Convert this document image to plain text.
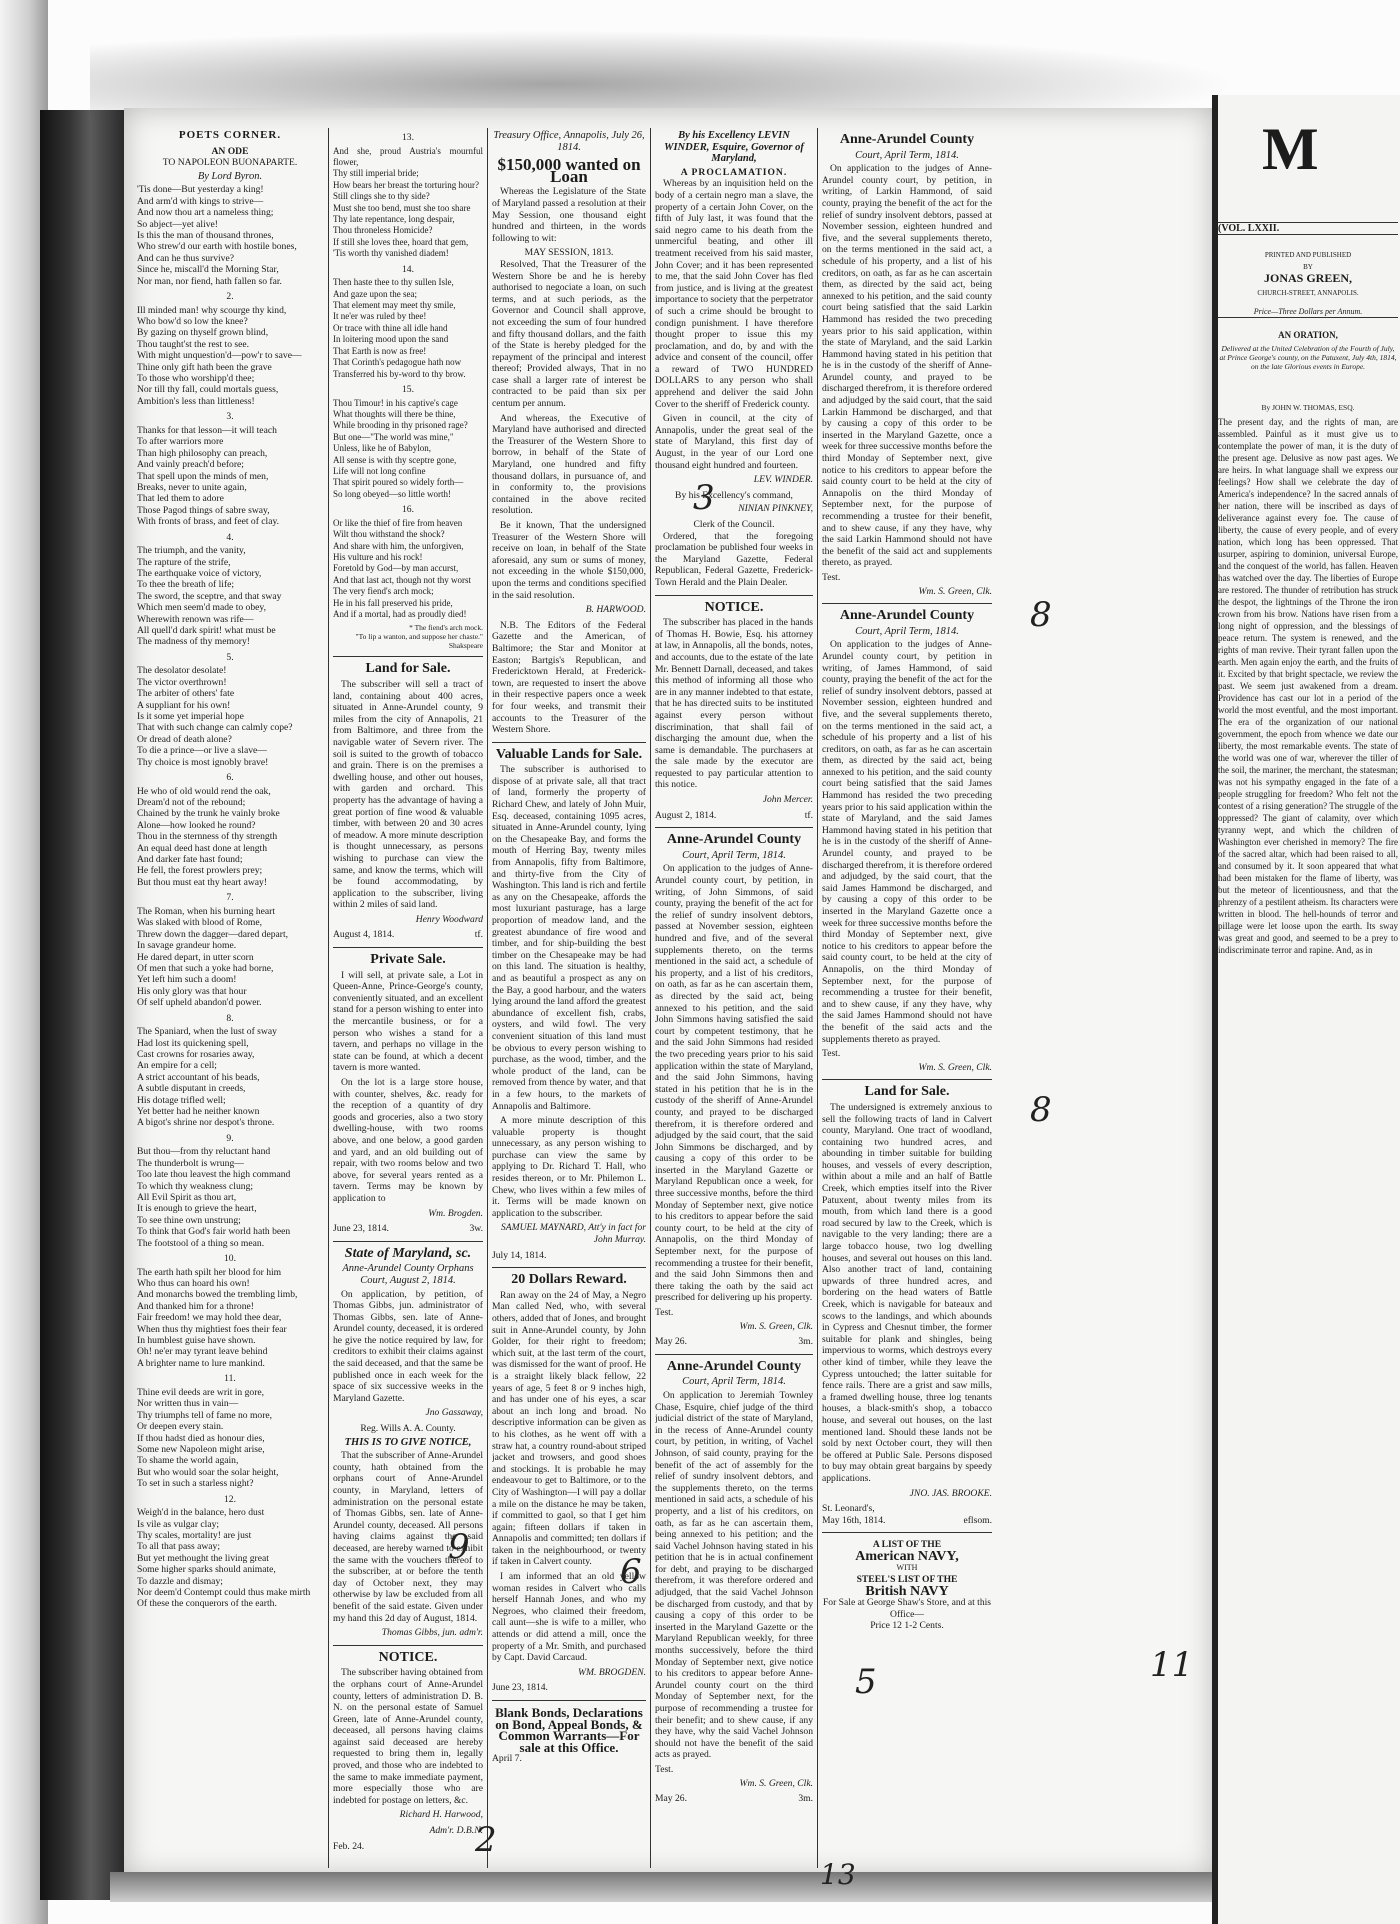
POETS CORNER.
AN ODE
TO NAPOLEON BUONAPARTE.
By Lord Byron.
'Tis done—But yesterday a king!
And arm'd with kings to strive—
And now thou art a nameless thing;
So abject—yet alive!
Is this the man of thousand thrones,
Who strew'd our earth with hostile bones,
And can he thus survive?
Since he, miscall'd the Morning Star,
Nor man, nor fiend, hath fallen so far.
2.
Ill minded man! why scourge thy kind,
Who bow'd so low the knee?
By gazing on thyself grown blind,
Thou taught'st the rest to see.
With might unquestion'd—pow'r to save—
Thine only gift hath been the grave
To those who worshipp'd thee;
Nor till thy fall, could mortals guess,
Ambition's less than littleness!
3.
Thanks for that lesson—it will teach
To after warriors more
Than high philosophy can preach,
And vainly preach'd before;
That spell upon the minds of men,
Breaks, never to unite again,
That led them to adore
Those Pagod things of sabre sway,
With fronts of brass, and feet of clay.
4.
The triumph, and the vanity,
The rapture of the strife,
The earthquake voice of victory,
To thee the breath of life;
The sword, the sceptre, and that sway
Which men seem'd made to obey,
Wherewith renown was rife—
All quell'd dark spirit! what must be
The madness of thy memory!
5.
The desolator desolate!
The victor overthrown!
The arbiter of others' fate
A suppliant for his own!
Is it some yet imperial hope
That with such change can calmly cope?
Or dread of death alone?
To die a prince—or live a slave—
Thy choice is most ignobly brave!
6.
He who of old would rend the oak,
Dream'd not of the rebound;
Chained by the trunk he vainly broke
Alone—how looked he round?
Thou in the sternness of thy strength
An equal deed hast done at length
And darker fate hast found;
He fell, the forest prowlers prey;
But thou must eat thy heart away!
7.
The Roman, when his burning heart
Was slaked with blood of Rome,
Threw down the dagger—dared depart,
In savage grandeur home.
He dared depart, in utter scorn
Of men that such a yoke had borne,
Yet left him such a doom!
His only glory was that hour
Of self upheld abandon'd power.
8.
The Spaniard, when the lust of sway
Had lost its quickening spell,
Cast crowns for rosaries away,
An empire for a cell;
A strict accountant of his beads,
A subtle disputant in creeds,
His dotage trifled well;
Yet better had he neither known
A bigot's shrine nor despot's throne.
9.
But thou—from thy reluctant hand
The thunderbolt is wrung—
Too late thou leavest the high command
To which thy weakness clung;
All Evil Spirit as thou art,
It is enough to grieve the heart,
To see thine own unstrung;
To think that God's fair world hath been
The footstool of a thing so mean.
10.
The earth hath spilt her blood for him
Who thus can hoard his own!
And monarchs bowed the trembling limb,
And thanked him for a throne!
Fair freedom! we may hold thee dear,
When thus thy mightiest foes their fear
In humblest guise have shown.
Oh! ne'er may tyrant leave behind
A brighter name to lure mankind.
11.
Thine evil deeds are writ in gore,
Nor written thus in vain—
Thy triumphs tell of fame no more,
Or deepen every stain.
If thou hadst died as honour dies,
Some new Napoleon might arise,
To shame the world again,
But who would soar the solar height,
To set in such a starless night?
12.
Weigh'd in the balance, hero dust
Is vile as vulgar clay;
Thy scales, mortality! are just
To all that pass away;
But yet methought the living great
Some higher sparks should animate,
To dazzle and dismay;
Nor deem'd Contempt could thus make mirth
Of these the conquerors of the earth.
13.
And she, proud Austria's mournful flower,
Thy still imperial bride;
How bears her breast the torturing hour?
Still clings she to thy side?
Must she too bend, must she too share
Thy late repentance, long despair,
Thou throneless Homicide?
If still she loves thee, hoard that gem,
'Tis worth thy vanished diadem!
14.
Then haste thee to thy sullen Isle,
And gaze upon the sea;
That element may meet thy smile,
It ne'er was ruled by thee!
Or trace with thine all idle hand
In loitering mood upon the sand
That Earth is now as free!
That Corinth's pedagogue hath now
Transferred his by-word to thy brow.
15.
Thou Timour! in his captive's cage
What thoughts will there be thine,
While brooding in thy prisoned rage?
But one—"The world was mine,"
Unless, like he of Babylon,
All sense is with thy sceptre gone,
Life will not long confine
That spirit poured so widely forth—
So long obeyed—so little worth!
16.
Or like the thief of fire from heaven
Wilt thou withstand the shock?
And share with him, the unforgiven,
His vulture and his rock!
Foretold by God—by man accurst,
And that last act, though not thy worst
The very fiend's arch mock;
He in his fall preserved his pride,
And if a mortal, had as proudly died!
* The fiend's arch mock.
"To lip a wanton, and suppose her chaste."
Shakspeare
Land for Sale.

The subscriber will sell a tract of land, containing about 400 acres, situated in Anne-Arundel county, 9 miles from the city of Annapolis, 21 from Baltimore, and three from the navigable water of Severn river. The soil is suited to the growth of tobacco and grain. There is on the premises a dwelling house, and other out houses, with garden and orchard. This property has the advantage of having a great portion of fine wood & valuable timber, with between 20 and 30 acres of meadow. A more minute description is thought unnecessary, as persons wishing to purchase can view the same, and know the terms, which will be found accommodating, by application to the subscriber, living within 2 miles of said land.

Henry Woodward
August 4, 1814.	tf.
Private Sale.

I will sell, at private sale, a Lot in Queen-Anne, Prince-George's county, conveniently situated, and an excellent stand for a person wishing to enter into the mercantile business, or for a person who wishes a stand for a tavern, and perhaps no village in the state can be found, at which a decent tavern is more wanted.

On the lot is a large store house, with counter, shelves, &c. ready for the reception of a quantity of dry goods and groceries, also a two story dwelling-house, with two rooms above, and one below, a good garden and yard, and an old building out of repair, with two rooms below and two above, for several years rented as a tavern. Terms may be known by application to

Wm. Brogden.
June 23, 1814.	3w.
State of Maryland, sc.
Anne-Arundel County Orphans Court, August 2, 1814.

On application, by petition, of Thomas Gibbs, jun. administrator of Thomas Gibbs, sen. late of Anne-Arundel county, deceased, it is ordered he give the notice required by law, for creditors to exhibit their claims against the said deceased, and that the same be published once in each week for the space of six successive weeks in the Maryland Gazette.

Jno Gassaway,
Reg. Wills A. A. County.
THIS IS TO GIVE NOTICE,

That the subscriber of Anne-Arundel county, hath obtained from the orphans court of Anne-Arundel county, in Maryland, letters of administration on the personal estate of Thomas Gibbs, sen. late of Anne-Arundel county, deceased. All persons having claims against the said deceased, are hereby warned to exhibit the same with the vouchers thereof to the subscriber, at or before the tenth day of October next, they may otherwise by law be excluded from all benefit of the said estate. Given under my hand this 2d day of August, 1814.

Thomas Gibbs, jun. adm'r.
NOTICE.

The subscriber having obtained from the orphans court of Anne-Arundel county, letters of administration D. B. N. on the personal estate of Samuel Green, late of Anne-Arundel county, deceased, all persons having claims against said deceased are hereby requested to bring them in, legally proved, and those who are indebted to the same to make immediate payment, more especially those who are indebted for postage on letters, &c.

Richard H. Harwood,
Adm'r. D.B.N.
Feb. 24.
Treasury Office, Annapolis, July 26, 1814.
$150,000 wanted on Loan

Whereas the Legislature of the State of Maryland passed a resolution at their May Session, one thousand eight hundred and thirteen, in the words following to wit:

MAY SESSION, 1813.

Resolved, That the Treasurer of the Western Shore be and he is hereby authorised to negociate a loan, on such terms, and at such periods, as the Governor and Council shall approve, not exceeding the sum of four hundred and fifty thousand dollars, and the faith of the State is hereby pledged for the repayment of the principal and interest thereof; Provided always, That in no case shall a larger rate of interest be contracted to be paid than six per centum per annum.

And whereas, the Executive of Maryland have authorised and directed the Treasurer of the Western Shore to borrow, in behalf of the State of Maryland, one hundred and fifty thousand dollars, in pursuance of, and in conformity to, the provisions contained in the above recited resolution.

Be it known, That the undersigned Treasurer of the Western Shore will receive on loan, in behalf of the State aforesaid, any sum or sums of money, not exceeding in the whole $150,000, upon the terms and conditions specified in the said resolution.

B. HARWOOD.

N.B. The Editors of the Federal Gazette and the American, of Baltimore; the Star and Monitor at Easton; Bartgis's Republican, and Fredericktown Herald, at Frederick-town, are requested to insert the above in their respective papers once a week for four weeks, and transmit their accounts to the Treasurer of the Western Shore.

Valuable Lands for Sale.

The subscriber is authorised to dispose of at private sale, all that tract of land, formerly the property of Richard Chew, and lately of John Muir, Esq. deceased, containing 1095 acres, situated in Anne-Arundel county, lying on the Chesapeake Bay, and forms the mouth of Herring Bay, twenty miles from Annapolis, fifty from Baltimore, and thirty-five from the City of Washington. This land is rich and fertile as any on the Chesapeake, affords the most luxuriant pasturage, has a large proportion of meadow land, and the greatest abundance of fire wood and timber, and for ship-building the best timber on the Chesapeake may be had on this land. The situation is healthy, and as beautiful a prospect as any on the Bay, a good harbour, and the waters lying around the land afford the greatest abundance of excellent fish, crabs, oysters, and wild fowl. The very convenient situation of this land must be obvious to every person wishing to purchase, as the wood, timber, and the whole product of the land, can be removed from thence by water, and that in a few hours, to the markets of Annapolis and Baltimore.

A more minute description of this valuable property is thought unnecessary, as any person wishing to purchase can view the same by applying to Dr. Richard T. Hall, who resides thereon, or to Mr. Philemon L. Chew, who lives within a few miles of it. Terms will be made known on application to the subscriber.

SAMUEL MAYNARD, Att'y in fact for John Murray.
July 14, 1814.
20 Dollars Reward.

Ran away on the 24 of May, a Negro Man called Ned, who, with several others, added that of Jones, and brought suit in Anne-Arundel county, by John Golder, for their right to freedom; which suit, at the last term of the court, was dismissed for the want of proof. He is a straight likely black fellow, 22 years of age, 5 feet 8 or 9 inches high, and has under one of his eyes, a scar about an inch long and broad. No descriptive information can be given as to his clothes, as he went off with a straw hat, a country round-about striped jacket and trowsers, and good shoes and stockings. It is probable he may endeavour to get to Baltimore, or to the City of Washington—I will pay a dollar a mile on the distance he may be taken, if committed to gaol, so that I get him again; fifteen dollars if taken in Annapolis and committed; ten dollars if taken in the neighbourhood, or twenty if taken in Calvert county.

I am informed that an old yellow woman resides in Calvert who calls herself Hannah Jones, and who my Negroes, who claimed their freedom, call aunt—she is wife to a miller, who attends or did attend a mill, once the property of a Mr. Smith, and purchased by Capt. David Carcaud.

WM. BROGDEN.
June 23, 1814.
Blank Bonds, Declarations on Bond, Appeal Bonds, & Common Warrants—For sale at this Office.
April 7.
By his Excellency LEVIN WINDER, Esquire, Governor of Maryland,
A PROCLAMATION.

Whereas by an inquisition held on the body of a certain negro man a slave, the property of a certain John Cover, on the fifth of July last, it was found that the said negro came to his death from the unmerciful beating, and other ill treatment received from his said master, John Cover; and it has been represented to me, that the said John Cover has fled from justice, and is living at the greatest importance to society that the perpetrator of such a crime should be brought to condign punishment. I have therefore thought proper to issue this my proclamation, and do, by and with the advice and consent of the council, offer a reward of TWO HUNDRED DOLLARS to any person who shall apprehend and deliver the said John Cover to the sheriff of Frederick county.

Given in council, at the city of Annapolis, under the great seal of the state of Maryland, this first day of August, in the year of our Lord one thousand eight hundred and fourteen.

LEV. WINDER.
By his Excellency's command,
NINIAN PINKNEY,
Clerk of the Council.

Ordered, that the foregoing proclamation be published four weeks in the Maryland Gazette, Federal Republican, Federal Gazette, Frederick-Town Herald and the Plain Dealer.

NOTICE.

The subscriber has placed in the hands of Thomas H. Bowie, Esq. his attorney at law, in Annapolis, all the bonds, notes, and accounts, due to the estate of the late Mr. Bennett Darnall, deceased, and takes this method of informing all those who are in any manner indebted to that estate, that he has directed suits to be instituted against every person without discrimination, that shall fail of discharging the amount due, when the same is demandable. The purchasers at the sale made by the executor are requested to pay particular attention to this notice.

John Mercer.
August 2, 1814.	tf.
Anne-Arundel County
Court, April Term, 1814.

On application to the judges of Anne-Arundel county court, by petition, in writing, of John Simmons, of said county, praying the benefit of the act for the relief of sundry insolvent debtors, passed at November session, eighteen hundred and five, and of the several supplements thereto, on the terms mentioned in the said act, a schedule of his property, and a list of his creditors, on oath, as far as he can ascertain them, as directed by the said act, being annexed to his petition, and the said John Simmons having satisfied the said court by competent testimony, that he and the said John Simmons had resided the two preceding years prior to his said application within the state of Maryland, and the said John Simmons, having stated in his petition that he is in the custody of the sheriff of Anne-Arundel county, and prayed to be discharged therefrom, it is therefore ordered and adjudged by the said court, that the said John Simmons be discharged, and by causing a copy of this order to be inserted in the Maryland Gazette or Maryland Republican once a week, for three successive months, before the third Monday of September next, give notice to his creditors to appear before the said county court, to be held at the city of Annapolis, on the third Monday of September next, for the purpose of recommending a trustee for their benefit, and the said John Simmons then and there taking the oath by the said act prescribed for delivering up his property.

Test.
Wm. S. Green, Clk.
May 26.	3m.
Anne-Arundel County
Court, April Term, 1814.

On application to Jeremiah Townley Chase, Esquire, chief judge of the third judicial district of the state of Maryland, in the recess of Anne-Arundel county court, by petition, in writing, of Vachel Johnson, of said county, praying for the benefit of the act of assembly for the relief of sundry insolvent debtors, and the supplements thereto, on the terms mentioned in said acts, a schedule of his property, and a list of his creditors, on oath, as far as he can ascertain them, being annexed to his petition; and the said Vachel Johnson having stated in his petition that he is in actual confinement for debt, and praying to be discharged therefrom, it was therefore ordered and adjudged, that the said Vachel Johnson be discharged from custody, and that by causing a copy of this order to be inserted in the Maryland Gazette or the Maryland Republican weekly, for three months successively, before the third Monday of September next, give notice to his creditors to appear before Anne-Arundel county court on the third Monday of September next, for the purpose of recommending a trustee for their benefit; and to shew cause, if any they have, why the said Vachel Johnson should not have the benefit of the said acts as prayed.

Test.
Wm. S. Green, Clk.
May 26.	3m.
Anne-Arundel County
Court, April Term, 1814.

On application to the judges of Anne-Arundel county court, by petition, in writing, of Larkin Hammond, of said county, praying the benefit of the act for the relief of sundry insolvent debtors, passed at November session, eighteen hundred and five, and the several supplements thereto, on the terms mentioned in the said act, a schedule of his property, and a list of his creditors, on oath, as far as he can ascertain them, as directed by the said act, being annexed to his petition, and the said county court being satisfied that the said Larkin Hammond has resided the two preceding years prior to his said application, within the state of Maryland, and the said Larkin Hammond having stated in his petition that he is in the custody of the sheriff of Anne-Arundel county, and prayed to be discharged therefrom, it is therefore ordered and adjudged by the said court, that the said Larkin Hammond be discharged, and that by causing a copy of this order to be inserted in the Maryland Gazette, once a week for three successive months before the third Monday of September next, give notice to his creditors to appear before the said county court to be held at the city of Annapolis on the third Monday of September next, for the purpose of recommending a trustee for their benefit, and to shew cause, if any they have, why the said Larkin Hammond should not have the benefit of the said act and supplements thereto, as prayed.

Test.
Wm. S. Green, Clk.
Anne-Arundel County
Court, April Term, 1814.

On application to the judges of Anne-Arundel county court, by petition in writing, of James Hammond, of said county, praying the benefit of the act for the relief of sundry insolvent debtors, passed at November session, eighteen hundred and five, and the several supplements thereto, on the terms mentioned in the said act, a schedule of his property and a list of his creditors, on oath, as far as he can ascertain them, as directed by the said act, being annexed to his petition, and the said county court being satisfied that the said James Hammond has resided the two preceding years prior to his said application within the state of Maryland, and the said James Hammond having stated in his petition that he is in the custody of the sheriff of Anne-Arundel county, and prayed to be discharged therefrom, it is therefore ordered and adjudged, by the said court, that the said James Hammond be discharged, and by causing a copy of this order to be inserted in the Maryland Gazette once a week for three successive months before the third Monday of September next, give notice to his creditors to appear before the said county court, to be held at the city of Annapolis, on the third Monday of September next, for the purpose of recommending a trustee for their benefit, and to shew cause, if any they have, why the said James Hammond should not have the benefit of the said acts and the supplements thereto as prayed.

Test.
Wm. S. Green, Clk.
Land for Sale.

The undersigned is extremely anxious to sell the following tracts of land in Calvert county, Maryland. One tract of woodland, containing two hundred acres, and abounding in timber suitable for building houses, and vessels of every description, within about a mile and an half of Battle Creek, which empties itself into the River Patuxent, about twenty miles from its mouth, from which land there is a good road secured by law to the Creek, which is navigable to the very landing; there are a large tobacco house, two log dwelling houses, and several out houses on this land. Also another tract of land, containing upwards of three hundred acres, and bordering on the head waters of Battle Creek, which is navigable for bateaux and scows to the landings, and which abounds in Cypress and Chesnut timber, the former suitable for plank and shingles, being impervious to worms, which destroys every other kind of timber, while they leave the Cypress untouched; the latter suitable for fence rails. There are a grist and saw mills, a framed dwelling house, three log tenants houses, a black-smith's shop, a tobacco house, and several out houses, on the last mentioned land. Should these lands not be sold by next October court, they will then be offered at Public Sale. Persons disposed to buy may obtain great bargains by speedy applications.

JNO. JAS. BROOKE.
St. Leonard's,
May 16th, 1814.	eflsom.
A LIST OF THE
American NAVY,
WITH
STEEL'S LIST OF THE
British NAVY
For Sale at George Shaw's Store, and at this Office—
Price 12 1-2 Cents.
M
(VOL. LXXII.
PRINTED AND PUBLISHED
BY
JONAS GREEN,
CHURCH-STREET, ANNAPOLIS.
Price—Three Dollars per Annum.
AN ORATION,
Delivered at the United Celebration of the Fourth of July, at Prince George's county, on the Patuxent, July 4th, 1814, on the late Glorious events in Europe.
By JOHN W. THOMAS, ESQ.
The present day, and the rights of man, are assembled. Painful as it must give us to contemplate the power of man, it is the duty of the present age. Delusive as now past ages. We are heirs. In what language shall we express our feelings? How shall we celebrate the day of America's independence? In the sacred annals of her nation, there will be inscribed as days of deliverance against every foe. The cause of liberty, the cause of every people, and of every nation, which long has been oppressed. That usurper, aspiring to dominion, universal Europe, and the conquest of the world, has fallen. Heaven has watched over the day. The liberties of Europe are restored. The thunder of retribution has struck the despot, the lightnings of the Throne the iron crown from his brow. Nations have risen from a long night of oppression, and the blessings of peace return. The system is renewed, and the rights of man revive. Their tyrant fallen upon the earth. Men again enjoy the earth, and the fruits of it. Excited by that bright spectacle, we review the past. We seem just awakened from a dream. Providence has cast our lot in a period of the world the most eventful, and the most important. The era of the organization of our national government, the epoch from whence we date our liberty, the most remarkable events. The state of the world was one of war, wherever the tiller of the soil, the mariner, the merchant, the statesman; was not his sympathy engaged in the fate of a people struggling for freedom? Who felt not the contest of a rising generation? The struggle of the oppressed? The giant of calamity, over which tyranny wept, and which the children of Washington ever cherished in memory? The fire of the sacred altar, which had been raised to all, and consumed by it. It soon appeared that what had been mistaken for the flame of liberty, was but the meteor of licentiousness, and that the phrenzy of a pestilent atheism. Its characters were written in blood. The hell-hounds of terror and pillage were let loose upon the earth. Its sway was great and good, and seemed to be a prey to indiscriminate terror and rapine. And, as in
8
8
9
3
6
2
5
13
11
